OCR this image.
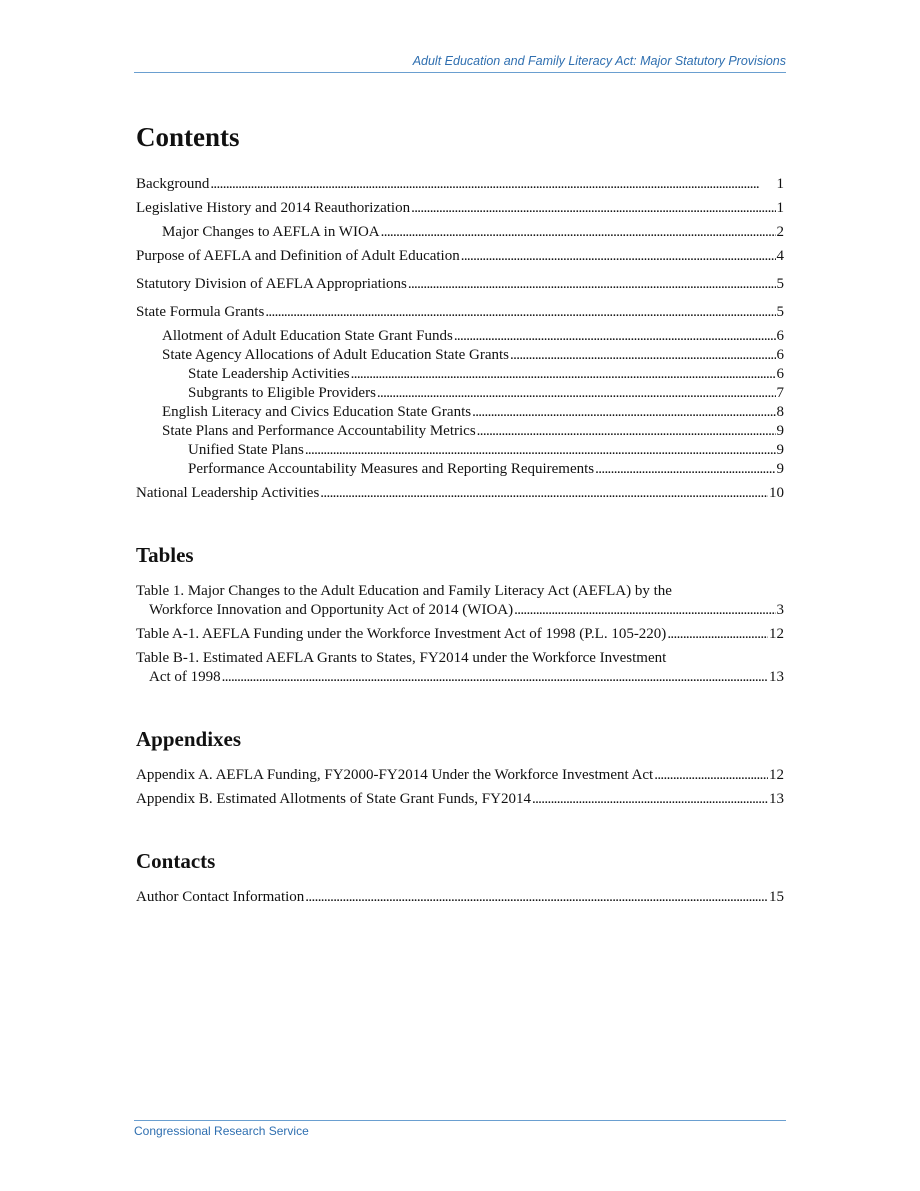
Adult Education and Family Literacy Act: Major Statutory Provisions
Contents
Background . . .	1
Legislative History and 2014 Reauthorization . . .	1
Major Changes to AEFLA in WIOA . . .	2
Purpose of AEFLA and Definition of Adult Education . . .	4
Statutory Division of AEFLA Appropriations . . .	5
State Formula Grants . . .	5
Allotment of Adult Education State Grant Funds . . .	6
State Agency Allocations of Adult Education State Grants . . .	6
State Leadership Activities . . .	6
Subgrants to Eligible Providers . . .	7
English Literacy and Civics Education State Grants . . .	8
State Plans and Performance Accountability Metrics . . .	9
Unified State Plans . . .	9
Performance Accountability Measures and Reporting Requirements . . .	9
National Leadership Activities . . .	10
Tables
Table 1. Major Changes to the Adult Education and Family Literacy Act (AEFLA) by the
Workforce Innovation and Opportunity Act of 2014 (WIOA) . . .	3
Table A-1. AEFLA Funding under the Workforce Investment Act of 1998 (P.L. 105-220) . . .	12
Table B-1. Estimated AEFLA Grants to States, FY2014 under the Workforce Investment
Act of 1998 . . .	13
Appendixes
Appendix A. AEFLA Funding, FY2000-FY2014 Under the Workforce Investment Act . . .	12
Appendix B. Estimated Allotments of State Grant Funds, FY2014 . . .	13
Contacts
Author Contact Information . . .	15
Congressional Research Service
